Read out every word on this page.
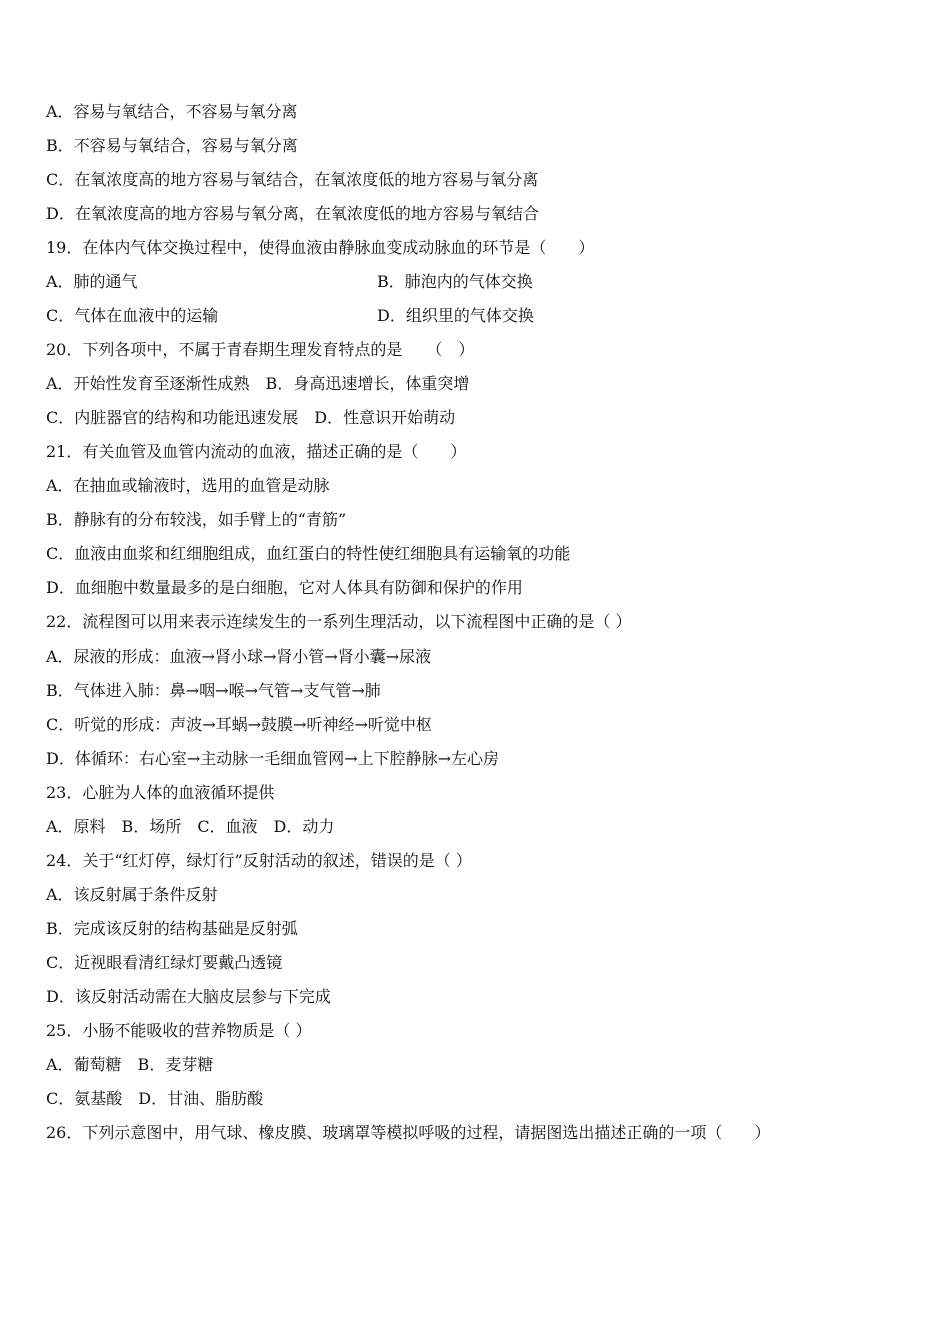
A．容易与氧结合，不容易与氧分离
B．不容易与氧结合，容易与氧分离
C．在氧浓度高的地方容易与氧结合，在氧浓度低的地方容易与氧分离
D．在氧浓度高的地方容易与氧分离，在氧浓度低的地方容易与氧结合
19．在体内气体交换过程中，使得血液由静脉血变成动脉血的环节是（　　）
A．肺的通气	B．肺泡内的气体交换
C．气体在血液中的运输	D．组织里的气体交换
20．下列各项中，不属于青春期生理发育特点的是　　（　）
A．开始性发育至逐渐性成熟　B．身高迅速增长，体重突增
C．内脏器官的结构和功能迅速发展　D．性意识开始萌动
21．有关血管及血管内流动的血液，描述正确的是（　　）
A．在抽血或输液时，选用的血管是动脉
B．静脉有的分布较浅，如手臂上的“青筋”
C．血液由血浆和红细胞组成，血红蛋白的特性使红细胞具有运输氧的功能
D．血细胞中数量最多的是白细胞，它对人体具有防御和保护的作用
22．流程图可以用来表示连续发生的一系列生理活动，以下流程图中正确的是（ ）
A．尿液的形成：血液→肾小球→肾小管→肾小囊→尿液
B．气体进入肺：鼻→咽→喉→气管→支气管→肺
C．听觉的形成：声波→耳蜗→鼓膜→听神经→听觉中枢
D．体循环：右心室→主动脉一毛细血管网→上下腔静脉→左心房
23．心脏为人体的血液循环提供
A．原料　B．场所　C．血液　D．动力
24．关于“红灯停，绿灯行”反射活动的叙述，错误的是（ ）
A．该反射属于条件反射
B．完成该反射的结构基础是反射弧
C．近视眼看清红绿灯要戴凸透镜
D．该反射活动需在大脑皮层参与下完成
25．小肠不能吸收的营养物质是（ ）
A．葡萄糖　B．麦芽糖
C．氨基酸　D．甘油、脂肪酸
26．下列示意图中，用气球、橡皮膜、玻璃罩等模拟呼吸的过程，请据图选出描述正确的一项（　　）
